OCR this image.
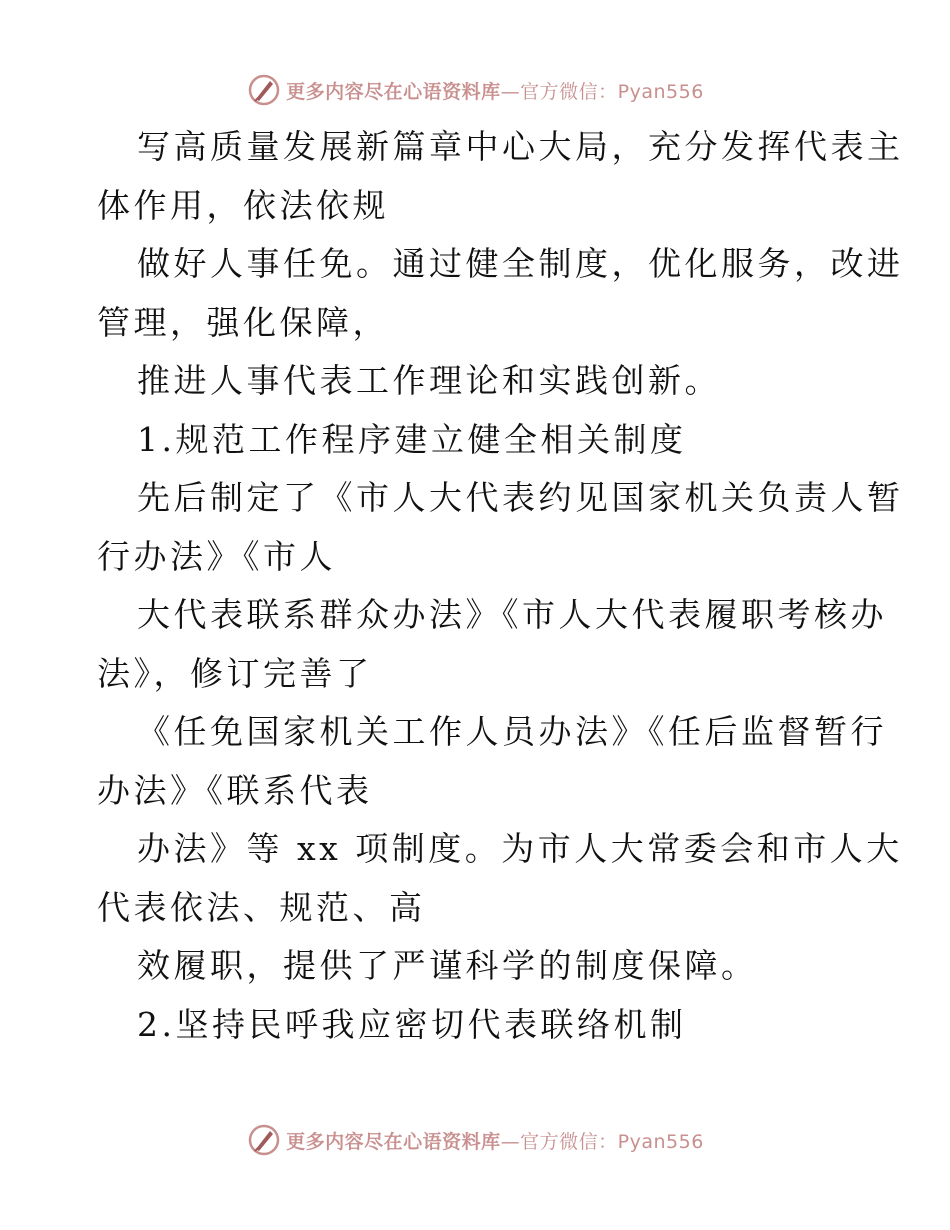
更多内容尽在心语资料库—官方微信：Pyan556

写高质量发展新篇章中心大局，充分发挥代表主
体作用，依法依规

做好人事任免。通过健全制度，优化服务，改进
管理，强化保障，

推进人事代表工作理论和实践创新。

1.规范工作程序建立健全相关制度

先后制定了《市人大代表约见国家机关负责人暂
行办法》《市人

大代表联系群众办法》《市人大代表履职考核办
法》，修订完善了

《任免国家机关工作人员办法》《任后监督暂行
办法》《联系代表

办法》等 xx 项制度。为市人大常委会和市人大
代表依法、规范、高

效履职，提供了严谨科学的制度保障。

2.坚持民呼我应密切代表联络机制

更多内容尽在心语资料库—官方微信：Pyan556
